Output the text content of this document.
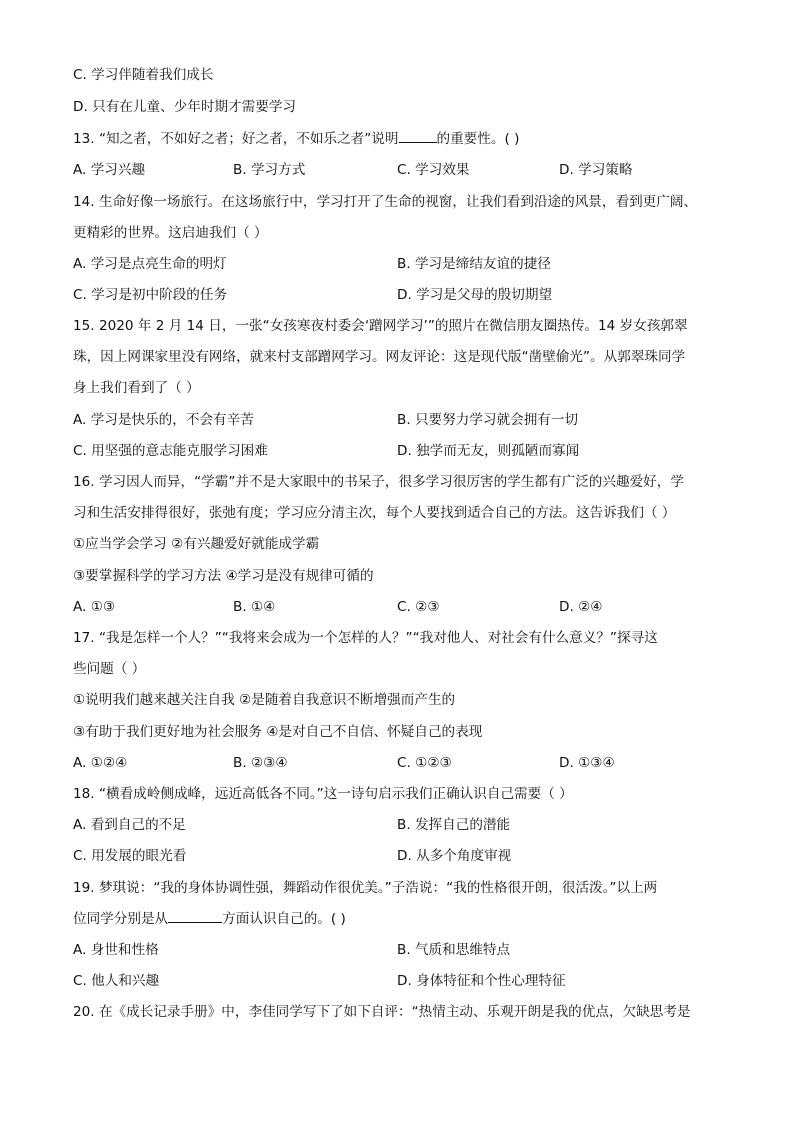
C. 学习伴随着我们成长
D. 只有在儿童、少年时期才需要学习
13. “知之者，不如好之者；好之者，不如乐之者”说明	的重要性。( )
A. 学习兴趣	B. 学习方式	C. 学习效果	D. 学习策略
14. 生命好像一场旅行。在这场旅行中，学习打开了生命的视窗，让我们看到沿途的风景，看到更广阔、
更精彩的世界。这启迪我们（ ）
A. 学习是点亮生命的明灯	B. 学习是缔结友谊的捷径
C. 学习是初中阶段的任务	D. 学习是父母的殷切期望
15. 2020 年 2 月 14 日，一张“女孩寒夜村委会‘蹭网学习’”的照片在微信朋友圈热传。14 岁女孩郭翠
珠，因上网课家里没有网络，就来村支部蹭网学习。网友评论：这是现代版“凿壁偷光”。从郭翠珠同学
身上我们看到了（ ）
A. 学习是快乐的，不会有辛苦	B. 只要努力学习就会拥有一切
C. 用坚强的意志能克服学习困难	D. 独学而无友，则孤陋而寡闻
16. 学习因人而异，“学霸”并不是大家眼中的书呆子，很多学习很厉害的学生都有广泛的兴趣爱好，学
习和生活安排得很好，张弛有度；学习应分清主次，每个人要找到适合自己的方法。这告诉我们（ ）
①应当学会学习 ②有兴趣爱好就能成学霸
③要掌握科学的学习方法 ④学习是没有规律可循的
A. ①③	B. ①④	C. ②③	D. ②④
17. “我是怎样一个人？”“我将来会成为一个怎样的人？”“我对他人、对社会有什么意义？”探寻这
些问题（ ）
①说明我们越来越关注自我 ②是随着自我意识不断增强而产生的
③有助于我们更好地为社会服务 ④是对自己不自信、怀疑自己的表现
A. ①②④	B. ②③④	C. ①②③	D. ①③④
18. “横看成岭侧成峰，远近高低各不同。”这一诗句启示我们正确认识自己需要（ ）
A. 看到自己的不足	B. 发挥自己的潜能
C. 用发展的眼光看	D. 从多个角度审视
19. 梦琪说：“我的身体协调性强，舞蹈动作很优美。”子浩说：“我的性格很开朗，很活泼。”以上两
位同学分别是从	方面认识自己的。( )
A. 身世和性格	B. 气质和思维特点
C. 他人和兴趣	D. 身体特征和个性心理特征
20. 在《成长记录手册》中，李佳同学写下了如下自评：“热情主动、乐观开朗是我的优点，欠缺思考是
